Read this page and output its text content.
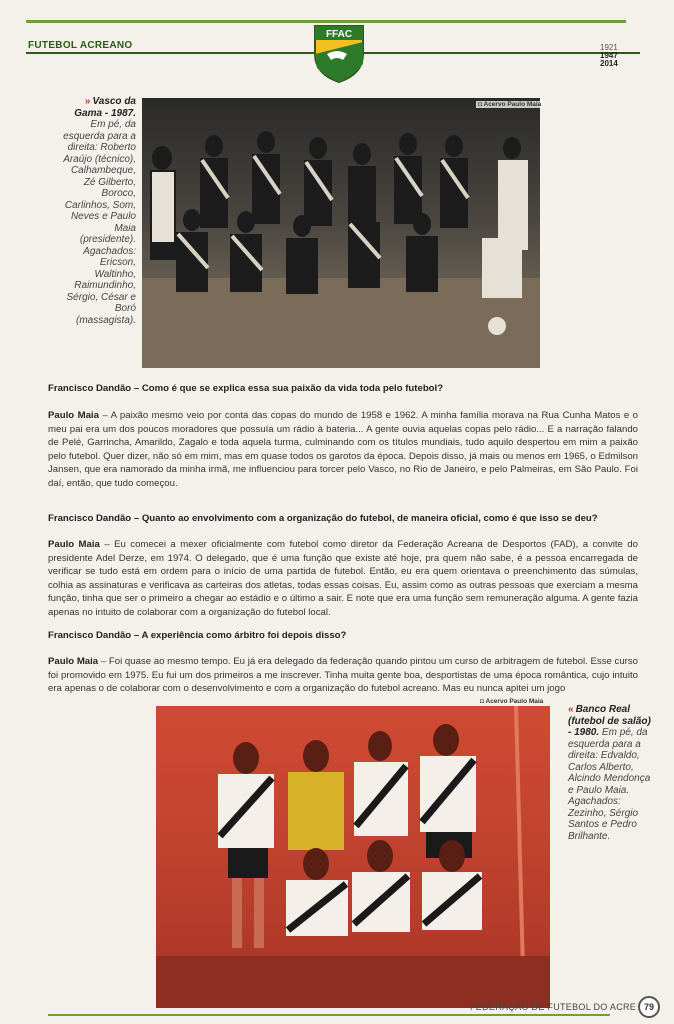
FUTEBOL ACREANO
FFAC
1921
1947
2014
» Vasco da Gama - 1987. Em pé, da esquerda para a direita: Roberto Araújo (técnico), Calhambeque, Zé Gilberto, Boroco, Carlinhos, Som, Neves e Paulo Maia (presidente). Agachados: Ericson, Waltinho, Raimundinho, Sérgio, César e Boró (massagista).
◘ Acervo Paulo Maia
Francisco Dandão – Como é que se explica essa sua paixão da vida toda pelo futebol?
Paulo Maia – A paixão mesmo veio por conta das copas do mundo de 1958 e 1962. A minha família morava na Rua Cunha Matos e o meu pai era um dos poucos moradores que possuía um rádio à bateria... A gente ouvia aquelas copas pelo rádio... E a narração falando de Pelé, Garrincha, Amarildo, Zagalo e toda aquela turma, culminando com os títulos mundiais, tudo aquilo despertou em mim a paixão pelo futebol. Quer dizer, não só em mim, mas em quase todos os garotos da época. Depois disso, já mais ou menos em 1965, o Edmilson Jansen, que era namorado da minha irmã, me influenciou para torcer pelo Vasco, no Rio de Janeiro, e pelo Palmeiras, em São Paulo. Foi daí, então, que tudo começou.
Francisco Dandão – Quanto ao envolvimento com a organização do futebol, de maneira oficial, como é que isso se deu?
Paulo Maia – Eu comecei a mexer oficialmente com futebol como diretor da Federação Acreana de Desportos (FAD), a convite do presidente Adel Derze, em 1974. O delegado, que é uma função que existe até hoje, pra quem não sabe, é a pessoa encarregada de verificar se tudo está em ordem para o início de uma partida de futebol. Então, eu era quem orientava o preenchimento das súmulas, colhia as assinaturas e verificava as carteiras dos atletas, todas essas coisas. Eu, assim como as outras pessoas que exerciam a mesma função, tinha que ser o primeiro a chegar ao estádio e o último a sair. E note que era uma função sem remuneração alguma. A gente fazia apenas no intuito de colaborar com a organização do futebol local.
Francisco Dandão – A experiência como árbitro foi depois disso?
Paulo Maia – Foi quase ao mesmo tempo. Eu já era delegado da federação quando pintou um curso de arbitragem de futebol. Esse curso foi promovido em 1975. Eu fui um dos primeiros a me inscrever. Tinha muita gente boa, desportistas de uma época romântica, cujo intuito era apenas o de colaborar com o desenvolvimento e com a organização do futebol acreano. Mas eu nunca apitei um jogo
◘ Acervo Paulo Maia
« Banco Real (futebol de salão) - 1980. Em pé, da esquerda para a direita: Edvaldo, Carlos Alberto, Alcindo Mendonça e Paulo Maia. Agachados: Zezinho, Sérgio Santos e Pedro Brilhante.
FEDERAÇÃO DE FUTEBOL DO ACRE 79
